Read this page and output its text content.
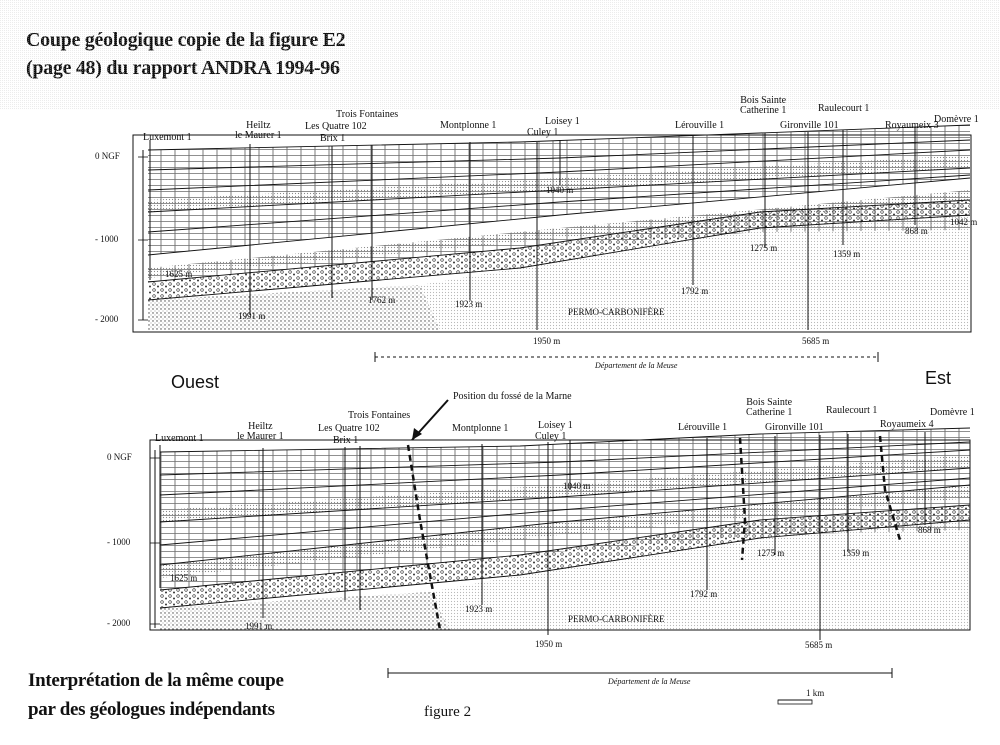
Coupe géologique copie de la figure E2
(page 48) du rapport ANDRA 1994-96
Ouest	Est
Interprétation de la même coupe
par des géologues indépendants	figure 2
Luxemont 1
Heiltz
le Maurer 1
Trois Fontaines
Les Quatre 102
Brix 1
Montplonne 1	Loisey 1
Culey 1
Lérouville 1
Bois Sainte
Catherine 1
Gironville 101
Raulecourt 1
Royaumeix 3
Domèvre 1
0 NGF
- 1000
- 2000
1625 m
1991 m
1762 m	1923 m
1950 m
1040 m
1792 m
1275 m
1359 m
868 m
1042 m
5685 m
PERMO-CARBONIFÈRE
Département de la Meuse
Position du fossé de la Marne
Luxemont 1
Heiltz
le Maurer 1
Trois Fontaines
Les Quatre 102
Brix 1
Montplonne 1	Loisey 1
Culey 1
Lérouville 1
Bois Sainte
Catherine 1
Gironville 101
Raulecourt 1
Royaumeix 4
Domèvre 1
0 NGF
- 1000
- 2000
1625 m
1991 m
1923 m
1950 m
1040 m
1792 m
1275 m	1359 m
868 m
5685 m
PERMO-CARBONIFÈRE
Département de la Meuse
1 km
